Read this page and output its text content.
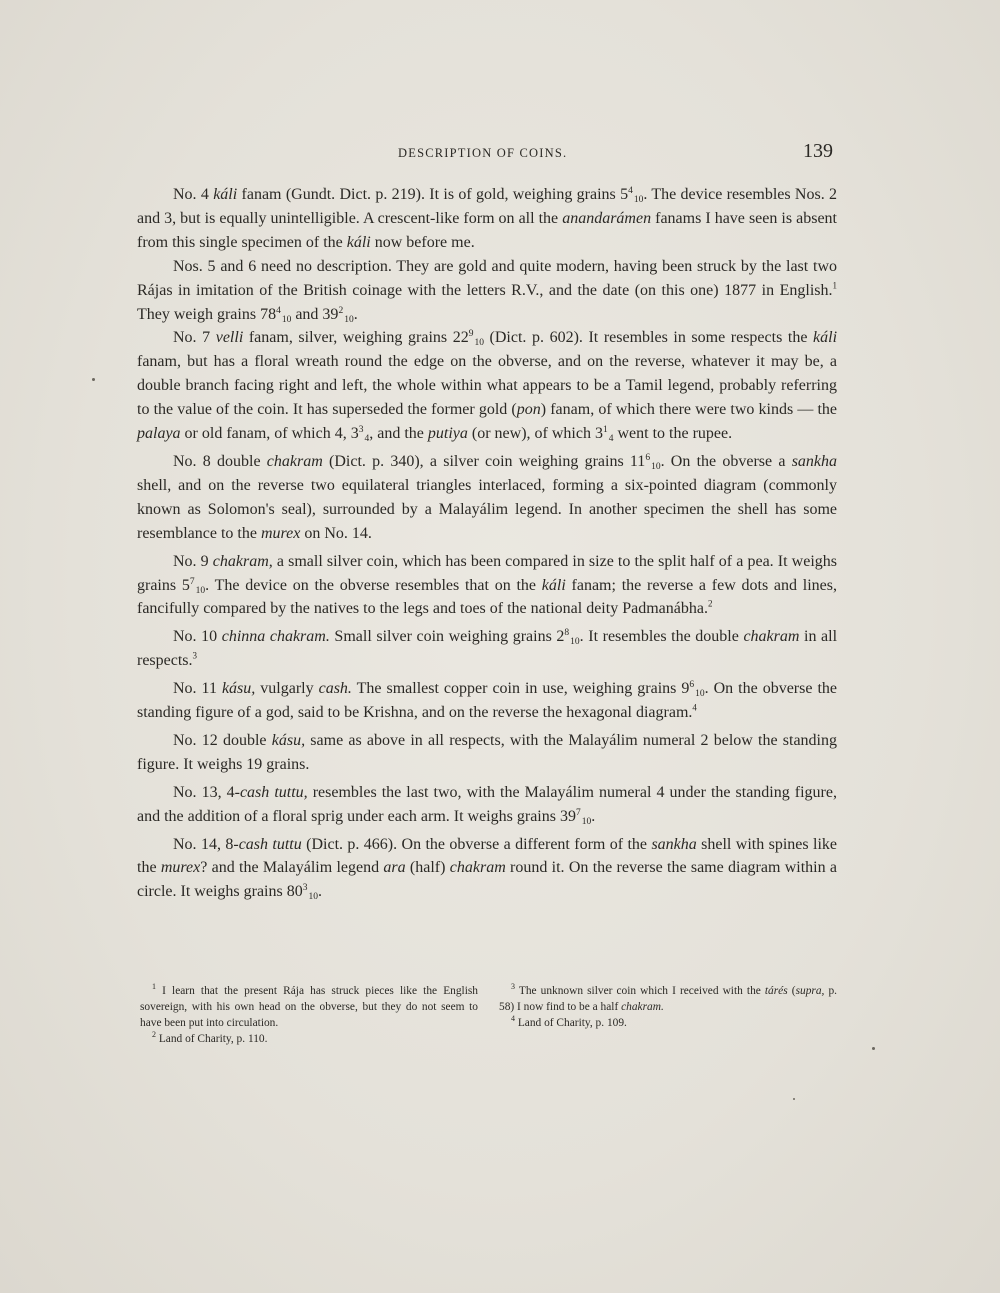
DESCRIPTION OF COINS.	139

No. 4 káli fanam (Gundt. Dict. p. 219). It is of gold, weighing grains $5^410$. The device resembles Nos. 2 and 3, but is equally unintelligible. A crescent-like form on all the anandarámen fanams I have seen is absent from this single specimen of the káli now before me.

Nos. 5 and 6 need no description. They are gold and quite modern, having been struck by the last two Rájas in imitation of the British coinage with the letters R.V., and the date (on this one) 1877 in English.$^1$ They weigh grains $78^410$ and $39^210$.

No. 7 velli fanam, silver, weighing grains $22^910$ (Dict. p. 602). It resembles in some respects the káli fanam, but has a floral wreath round the edge on the obverse, and on the reverse, whatever it may be, a double branch facing right and left, the whole within what appears to be a Tamil legend, probably referring to the value of the coin. It has superseded the former gold (pon) fanam, of which there were two kinds — the palaya or old fanam, of which 4, $3^34$, and the putiya (or new), of which $3^14$ went to the rupee.

No. 8 double chakram (Dict. p. 340), a silver coin weighing grains $11^610$. On the obverse a sankha shell, and on the reverse two equilateral triangles interlaced, forming a six-pointed diagram (commonly known as Solomon's seal), surrounded by a Malayálim legend. In another specimen the shell has some resemblance to the murex on No. 14.

No. 9 chakram, a small silver coin, which has been compared in size to the split half of a pea. It weighs grains $5^710$. The device on the obverse resembles that on the káli fanam; the reverse a few dots and lines, fancifully compared by the natives to the legs and toes of the national deity Padmanábha.$^2$

No. 10 chinna chakram. Small silver coin weighing grains $2^810$. It resembles the double chakram in all respects.$^3$

No. 11 kásu, vulgarly cash. The smallest copper coin in use, weighing grains $9^610$. On the obverse the standing figure of a god, said to be Krishna, and on the reverse the hexagonal diagram.$^4$

No. 12 double kásu, same as above in all respects, with the Malayálim numeral 2 below the standing figure. It weighs 19 grains.

No. 13, 4-cash tuttu, resembles the last two, with the Malayálim numeral 4 under the standing figure, and the addition of a floral sprig under each arm. It weighs grains $39^710$.

No. 14, 8-cash tuttu (Dict. p. 466). On the obverse a different form of the sankha shell with spines like the murex? and the Malayálim legend ara (half) chakram round it. On the reverse the same diagram within a circle. It weighs grains $80^310$.

$^1$ I learn that the present Rája has struck pieces like the English sovereign, with his own head on the obverse, but they do not seem to have been put into circulation.

$^2$ Land of Charity, p. 110.

$^3$ The unknown silver coin which I received with the tárés (supra, p. 58) I now find to be a half chakram.

$^4$ Land of Charity, p. 109.
